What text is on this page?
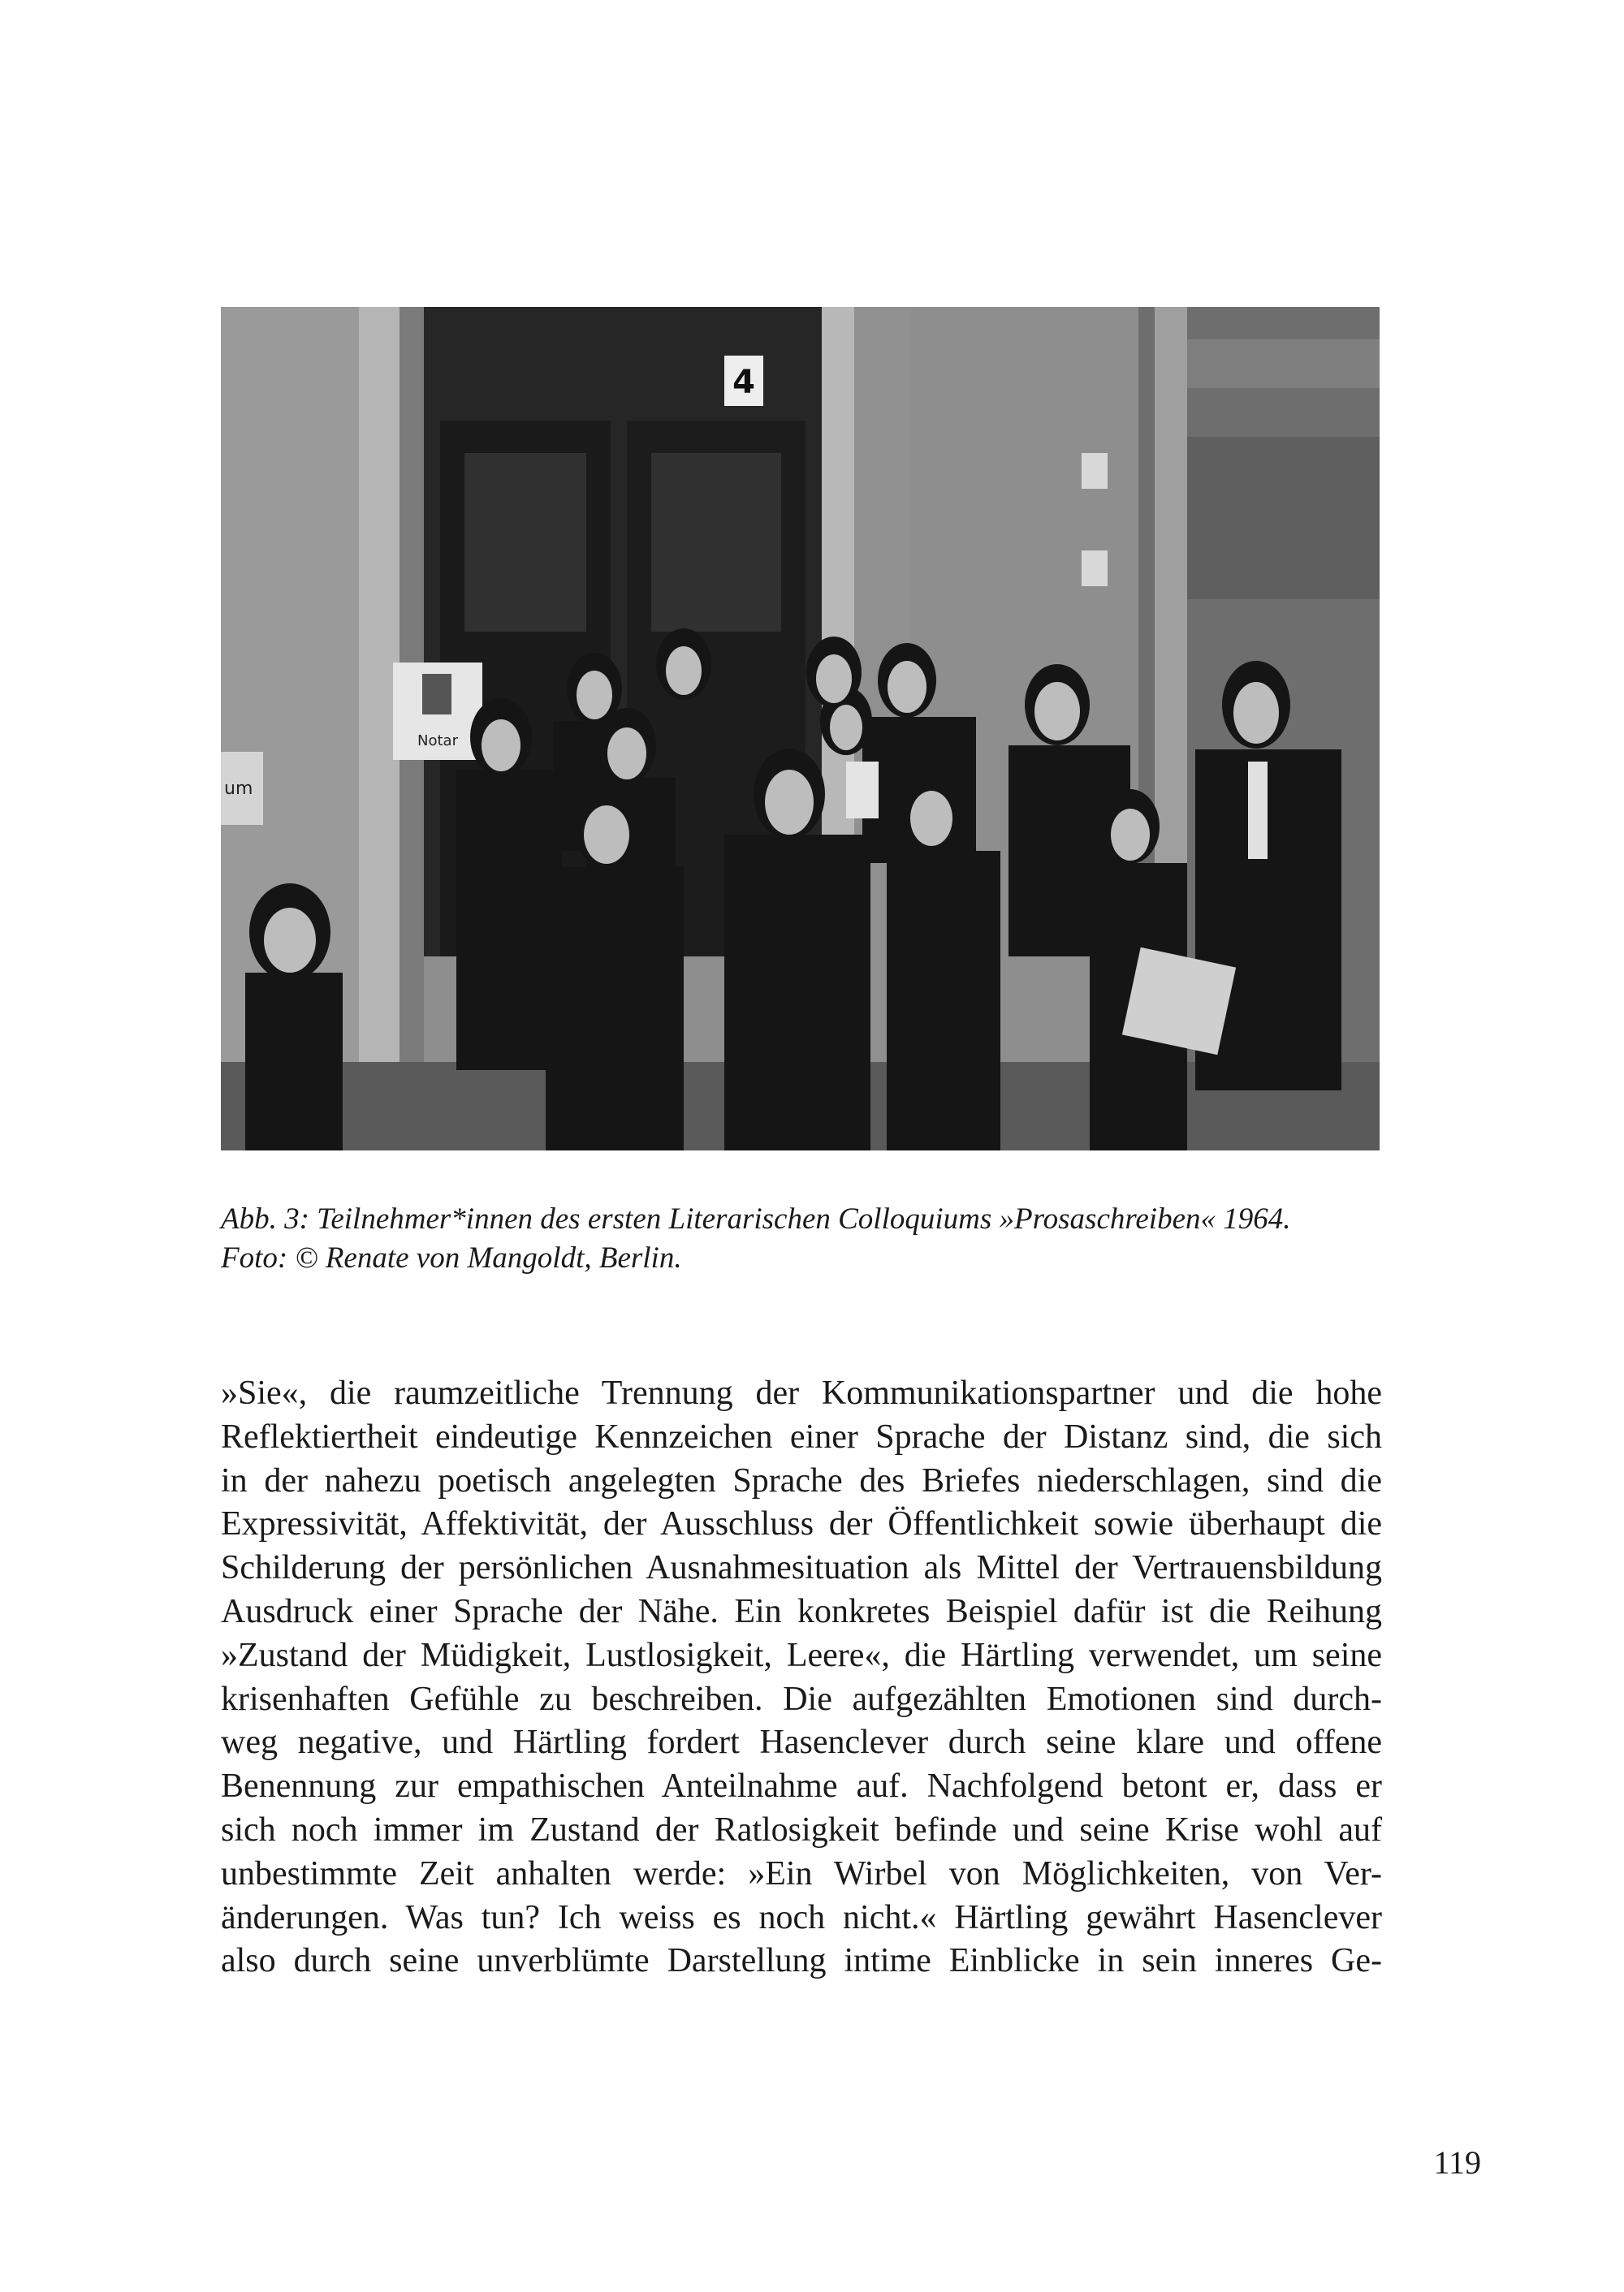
4
Notar
um

Abb. 3: Teilnehmer*innen des ersten Literarischen Colloquiums »Prosaschreiben« 1964.

Foto: © Renate von Mangoldt, Berlin.

»Sie«, die raumzeitliche Trennung der Kommunikationspartner und die hohe
Reflektiertheit eindeutige Kennzeichen einer Sprache der Distanz sind, die sich
in der nahezu poetisch angelegten Sprache des Briefes niederschlagen, sind die
Expressivität, Affektivität, der Ausschluss der Öffentlichkeit sowie überhaupt die
Schilderung der persönlichen Ausnahmesituation als Mittel der Vertrauensbildung
Ausdruck einer Sprache der Nähe. Ein konkretes Beispiel dafür ist die Reihung
»Zustand der Müdigkeit, Lustlosigkeit, Leere«, die Härtling verwendet, um seine
krisenhaften Gefühle zu beschreiben. Die aufgezählten Emotionen sind durch-
weg negative, und Härtling fordert Hasenclever durch seine klare und offene
Benennung zur empathischen Anteilnahme auf. Nachfolgend betont er, dass er
sich noch immer im Zustand der Ratlosigkeit befinde und seine Krise wohl auf
unbestimmte Zeit anhalten werde: »Ein Wirbel von Möglichkeiten, von Ver-
änderungen. Was tun? Ich weiss es noch nicht.« Härtling gewährt Hasenclever
also durch seine unverblümte Darstellung intime Einblicke in sein inneres Ge-
119
